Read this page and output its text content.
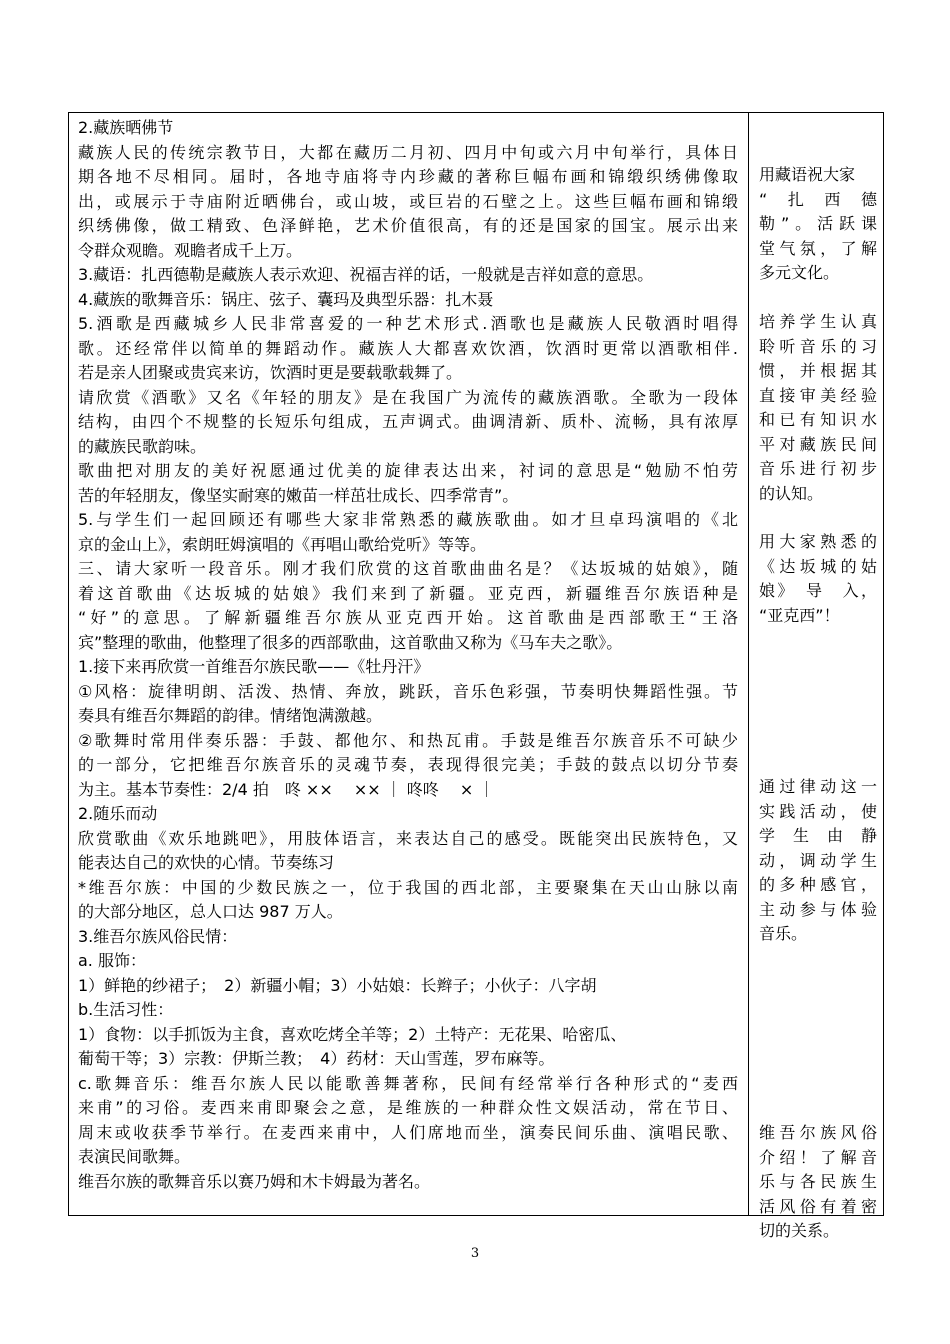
2.藏族晒佛节
藏族人民的传统宗教节日，大都在藏历二月初、四月中旬或六月中旬举行，具体日
期各地不尽相同。届时，各地寺庙将寺内珍藏的著称巨幅布画和锦缎织绣佛像取
出，或展示于寺庙附近晒佛台，或山坡，或巨岩的石壁之上。这些巨幅布画和锦缎
织绣佛像，做工精致、色泽鲜艳，艺术价值很高，有的还是国家的国宝。展示出来
令群众观瞻。观瞻者成千上万。
3.藏语：扎西德勒是藏族人表示欢迎、祝福吉祥的话，一般就是吉祥如意的意思。
4.藏族的歌舞音乐：锅庄、弦子、囊玛及典型乐器：扎木聂
5.酒歌是西藏城乡人民非常喜爱的一种艺术形式.酒歌也是藏族人民敬酒时唱得
歌。还经常伴以简单的舞蹈动作。藏族人大都喜欢饮酒，饮酒时更常以酒歌相伴.
若是亲人团聚或贵宾来访，饮酒时更是要载歌载舞了。
请欣赏《酒歌》又名《年轻的朋友》是在我国广为流传的藏族酒歌。全歌为一段体
结构，由四个不规整的长短乐句组成，五声调式。曲调清新、质朴、流畅，具有浓厚
的藏族民歌韵味。
歌曲把对朋友的美好祝愿通过优美的旋律表达出来，衬词的意思是“勉励不怕劳
苦的年轻朋友，像坚实耐寒的嫩苗一样茁壮成长、四季常青”。
5.与学生们一起回顾还有哪些大家非常熟悉的藏族歌曲。如才旦卓玛演唱的《北
京的金山上》，索朗旺姆演唱的《再唱山歌给党听》等等。
三、请大家听一段音乐。刚才我们欣赏的这首歌曲曲名是？《达坂城的姑娘》，随
着这首歌曲《达坂城的姑娘》我们来到了新疆。亚克西，新疆维吾尔族语种是
“好”的意思。了解新疆维吾尔族从亚克西开始。这首歌曲是西部歌王“王洛
宾”整理的歌曲，他整理了很多的西部歌曲，这首歌曲又称为《马车夫之歌》。
1.接下来再欣赏一首维吾尔族民歌——《牡丹汗》
①风格：旋律明朗、活泼、热情、奔放，跳跃，音乐色彩强，节奏明快舞蹈性强。节
奏具有维吾尔舞蹈的韵律。情绪饱满激越。
②歌舞时常用伴奏乐器：手鼓、都他尔、和热瓦甫。手鼓是维吾尔族音乐不可缺少
的一部分，它把维吾尔族音乐的灵魂节奏，表现得很完美；手鼓的鼓点以切分节奏
为主。基本节奏性：2/4 拍　咚 ×× 　×× ｜ 咚咚　 × ｜
2.随乐而动
欣赏歌曲《欢乐地跳吧》，用肢体语言，来表达自己的感受。既能突出民族特色，又
能表达自己的欢快的心情。节奏练习
*维吾尔族：中国的少数民族之一，位于我国的西北部，主要聚集在天山山脉以南
的大部分地区，总人口达 987 万人。
3.维吾尔族风俗民情：
a. 服饰：
1）鲜艳的纱裙子；　2）新疆小帽；3）小姑娘：长辫子；小伙子：八字胡
b.生活习性：
1）食物：以手抓饭为主食，喜欢吃烤全羊等；2）土特产：无花果、哈密瓜、
葡萄干等；3）宗教：伊斯兰教；　4）药材：天山雪莲，罗布麻等。
c.歌舞音乐：维吾尔族人民以能歌善舞著称，民间有经常举行各种形式的“麦西
来甫”的习俗。麦西来甫即聚会之意，是维族的一种群众性文娱活动，常在节日、
周末或收获季节举行。在麦西来甫中，人们席地而坐，演奏民间乐曲、演唱民歌、
表演民间歌舞。
维吾尔族的歌舞音乐以赛乃姆和木卡姆最为著名。
用藏语祝大家
“　扎　西　德
勒”。活跃课
堂气氛，了解
多元文化。
培养学生认真
聆听音乐的习
惯，并根据其
直接审美经验
和已有知识水
平对藏族民间
音乐进行初步
的认知。
用大家熟悉的
《达坂城的姑
娘》　导　入，
“亚克西”！
通过律动这一
实践活动，使
学　生　由　静　
动，调动学生
的多种感官，
主动参与体验
音乐。
维吾尔族风俗
介绍！了解音
乐与各民族生
活风俗有着密
切的关系。
3
